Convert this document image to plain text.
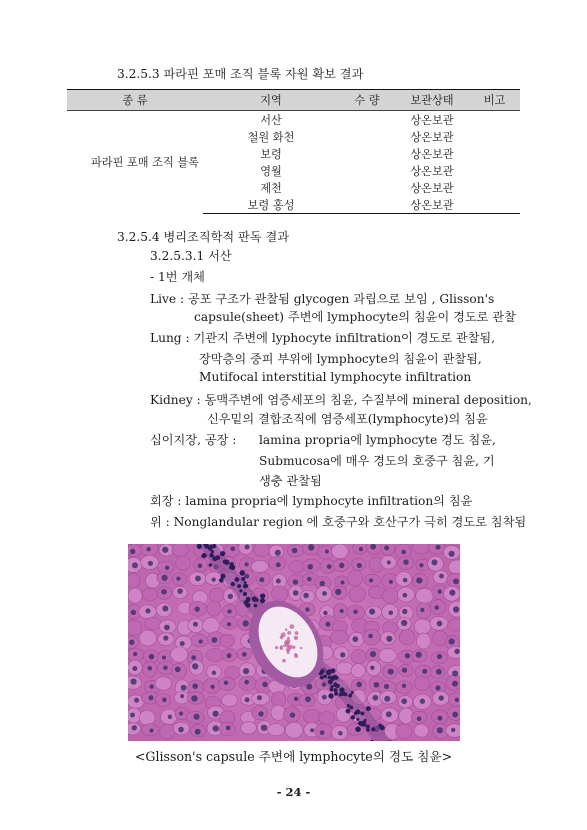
3.2.5.3 파라핀 포매 조직 블록 자원 확보 결과
종 류	지역	수 량	보관상태	비고
파라핀 포매 조직 블록	서산		상온보관	
	철원 화천		상온보관	
	보령		상온보관	
	영월		상온보관	
	제천		상온보관	
	보령 홍성		상온보관	
3.2.5.4 병리조직학적 판독 결과
3.2.5.3.1 서산
- 1번 개체
Live : 공포 구조가 관찰됨 glycogen 과립으로 보임 , Glisson's
capsule(sheet) 주변에 lymphocyte의 침윤이 경도로 관찰
Lung : 기관지 주변에 lyphocyte infiltration이 경도로 관찰됨,
장막층의 중피 부위에 lymphocyte의 침윤이 관찰됨,
Mutifocal interstitial lymphocyte infiltration
Kidney : 동맥주변에 염증세포의 침윤, 수질부에 mineral deposition,
신우밑의 결합조직에 염증세포(lymphocyte)의 침윤
십이지장, 공장 : lamina propria에 lymphocyte 경도 침윤,
Submucosa에 매우 경도의 호중구 침윤, 기
생충 관찰됨
회장 : lamina propria에 lymphocyte infiltration의 침윤
위 : Nonglandular region 에 호중구와 호산구가 극히 경도로 침착됨
<Glisson's capsule 주변에 lymphocyte의 경도 침윤>
- 24 -
